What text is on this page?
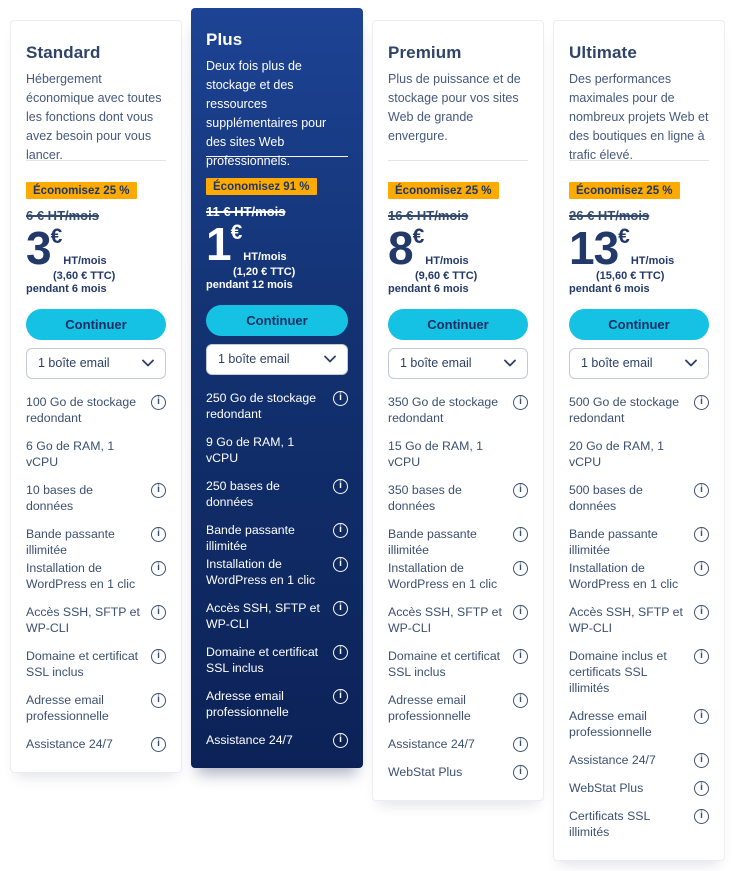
Standard

Hébergement économique avec toutes les fonctions dont vous avez besoin pour vous lancer.

Économisez 25 %
6 € HT/mois
3 €
HT/mois
(3,60 € TTC)
pendant 6 mois
Continuer
1 boîte email
100 Go de stockage redondant
i
6 Go de RAM, 1 vCPU
10 bases de données
i
Bande passante illimitée
i
Installation de WordPress en 1 clic
i
Accès SSH, SFTP et WP-CLI
i
Domaine et certificat SSL inclus
i
Adresse email professionnelle
i
Assistance 24/7
i
Plus

Deux fois plus de stockage et des ressources supplémentaires pour des sites Web professionnels.

Économisez 91 %
11 € HT/mois
1 €
HT/mois
(1,20 € TTC)
pendant 12 mois
Continuer
1 boîte email
250 Go de stockage redondant
i
9 Go de RAM, 1 vCPU
250 bases de données
i
Bande passante illimitée
i
Installation de WordPress en 1 clic
i
Accès SSH, SFTP et WP-CLI
i
Domaine et certificat SSL inclus
i
Adresse email professionnelle
i
Assistance 24/7
i
Premium

Plus de puissance et de stockage pour vos sites Web de grande envergure.

Économisez 25 %
16 € HT/mois
8 €
HT/mois
(9,60 € TTC)
pendant 6 mois
Continuer
1 boîte email
350 Go de stockage redondant
i
15 Go de RAM, 1 vCPU
350 bases de données
i
Bande passante illimitée
i
Installation de WordPress en 1 clic
i
Accès SSH, SFTP et WP-CLI
i
Domaine et certificat SSL inclus
i
Adresse email professionnelle
i
Assistance 24/7
i
WebStat Plus
i
Ultimate

Des performances maximales pour de nombreux projets Web et des boutiques en ligne à trafic élevé.

Économisez 25 %
26 € HT/mois
13 €
HT/mois
(15,60 € TTC)
pendant 6 mois
Continuer
1 boîte email
500 Go de stockage redondant
i
20 Go de RAM, 1 vCPU
500 bases de données
i
Bande passante illimitée
i
Installation de WordPress en 1 clic
i
Accès SSH, SFTP et WP-CLI
i
Domaine inclus et certificats SSL illimités
i
Adresse email professionnelle
i
Assistance 24/7
i
WebStat Plus
i
Certificats SSL illimités
i
